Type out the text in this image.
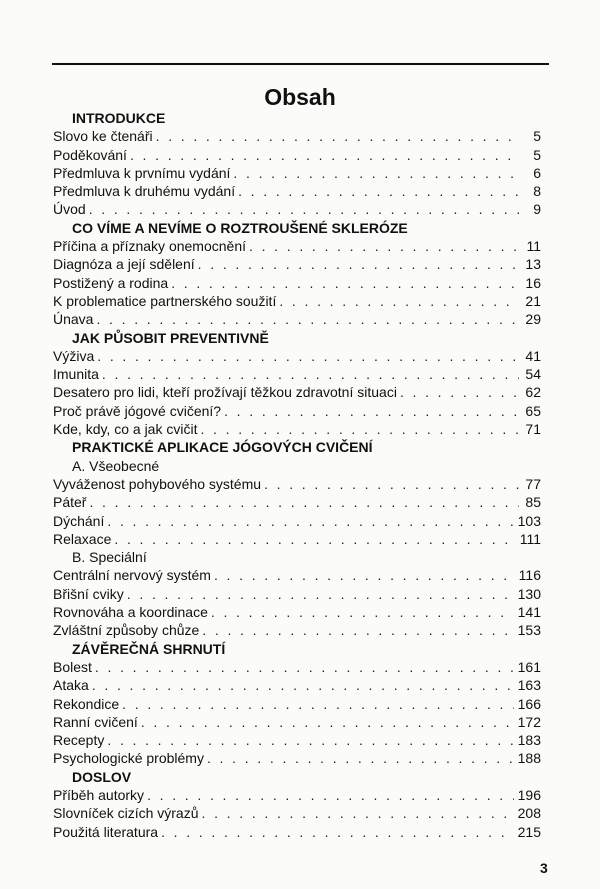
Obsah
INTRODUKCE
Slovo ke čtenáři . . .	5
Poděkování . . .	5
Předmluva k prvnímu vydání . . .	6
Předmluva k druhému vydání . . .	8
Úvod . . .	9
CO VÍME A NEVÍME O ROZTROUŠENÉ SKLERÓZE
Příčina a příznaky onemocnění . . .	11
Diagnóza a její sdělení . . .	13
Postižený a rodina . . .	16
K problematice partnerského soužití . . .	21
Únava . . .	29
JAK PŮSOBIT PREVENTIVNĚ
Výživa . . .	41
Imunita . . .	54
Desatero pro lidi, kteří prožívají těžkou zdravotní situaci . . .	62
Proč právě jógové cvičení? . . .	65
Kde, kdy, co a jak cvičit . . .	71
PRAKTICKÉ APLIKACE JÓGOVÝCH CVIČENÍ
A. Všeobecné
Vyváženost pohybového systému . . .	77
Páteř . . .	85
Dýchání . . .	103
Relaxace . . .	111
B. Speciální
Centrální nervový systém . . .	116
Břišní cviky . . .	130
Rovnováha a koordinace . . .	141
Zvláštní způsoby chůze . . .	153
ZÁVĚREČNÁ SHRNUTÍ
Bolest . . .	161
Ataka . . .	163
Rekondice . . .	166
Ranní cvičení . . .	172
Recepty . . .	183
Psychologické problémy . . .	188
DOSLOV
Příběh autorky . . .	196
Slovníček cizích výrazů . . .	208
Použitá literatura . . .	215
3
